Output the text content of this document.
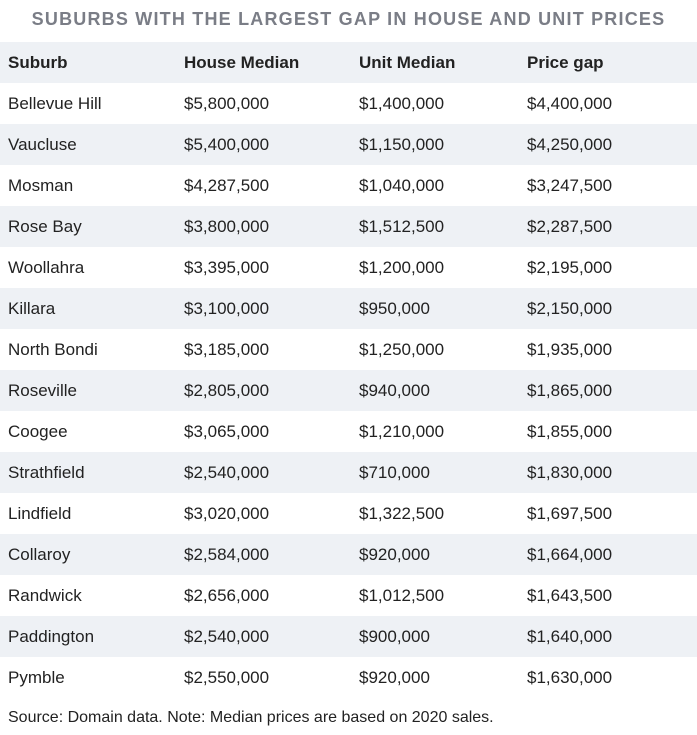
SUBURBS WITH THE LARGEST GAP IN HOUSE AND UNIT PRICES
Suburb	House Median	Unit Median	Price gap
Bellevue Hill	$5,800,000	$1,400,000	$4,400,000
Vaucluse	$5,400,000	$1,150,000	$4,250,000
Mosman	$4,287,500	$1,040,000	$3,247,500
Rose Bay	$3,800,000	$1,512,500	$2,287,500
Woollahra	$3,395,000	$1,200,000	$2,195,000
Killara	$3,100,000	$950,000	$2,150,000
North Bondi	$3,185,000	$1,250,000	$1,935,000
Roseville	$2,805,000	$940,000	$1,865,000
Coogee	$3,065,000	$1,210,000	$1,855,000
Strathfield	$2,540,000	$710,000	$1,830,000
Lindfield	$3,020,000	$1,322,500	$1,697,500
Collaroy	$2,584,000	$920,000	$1,664,000
Randwick	$2,656,000	$1,012,500	$1,643,500
Paddington	$2,540,000	$900,000	$1,640,000
Pymble	$2,550,000	$920,000	$1,630,000
Source: Domain data. Note: Median prices are based on 2020 sales.
